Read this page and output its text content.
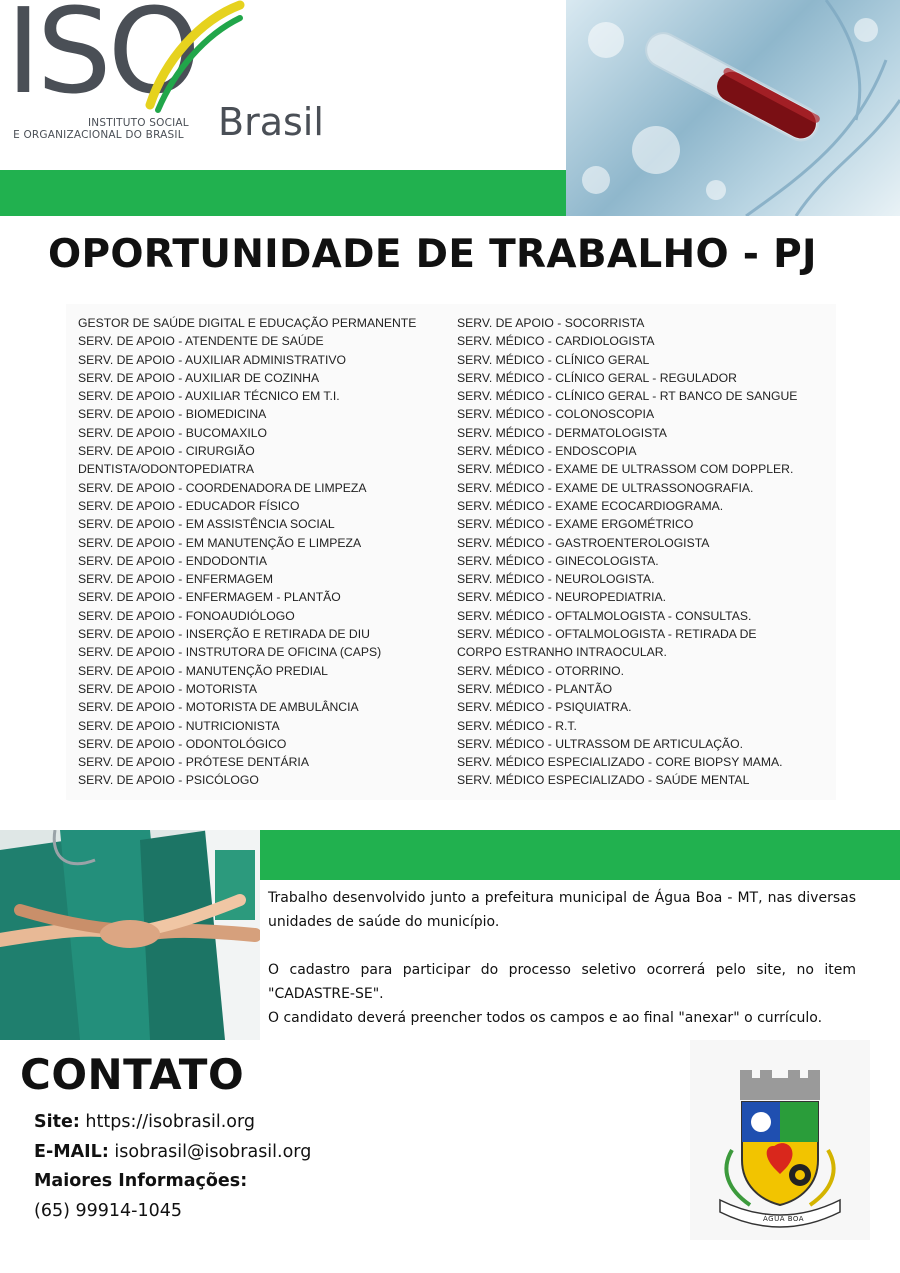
ISO
INSTITUTO SOCIAL
E ORGANIZACIONAL DO BRASIL Brasil
OPORTUNIDADE DE TRABALHO - PJ
GESTOR DE SAÚDE DIGITAL E EDUCAÇÃO PERMANENTE
SERV. DE APOIO - ATENDENTE DE SAÚDE
SERV. DE APOIO - AUXILIAR ADMINISTRATIVO
SERV. DE APOIO - AUXILIAR DE COZINHA
SERV. DE APOIO - AUXILIAR TÉCNICO EM T.I.
SERV. DE APOIO - BIOMEDICINA
SERV. DE APOIO - BUCOMAXILO
SERV. DE APOIO - CIRURGIÃO
DENTISTA/ODONTOPEDIATRA
SERV. DE APOIO - COORDENADORA DE LIMPEZA
SERV. DE APOIO - EDUCADOR FÍSICO
SERV. DE APOIO - EM ASSISTÊNCIA SOCIAL
SERV. DE APOIO - EM MANUTENÇÃO E LIMPEZA
SERV. DE APOIO - ENDODONTIA
SERV. DE APOIO - ENFERMAGEM
SERV. DE APOIO - ENFERMAGEM - PLANTÃO
SERV. DE APOIO - FONOAUDIÓLOGO
SERV. DE APOIO - INSERÇÃO E RETIRADA DE DIU
SERV. DE APOIO - INSTRUTORA DE OFICINA (CAPS)
SERV. DE APOIO - MANUTENÇÃO PREDIAL
SERV. DE APOIO - MOTORISTA
SERV. DE APOIO - MOTORISTA DE AMBULÂNCIA
SERV. DE APOIO - NUTRICIONISTA
SERV. DE APOIO - ODONTOLÓGICO
SERV. DE APOIO - PRÓTESE DENTÁRIA
SERV. DE APOIO - PSICÓLOGO
SERV. DE APOIO - SOCORRISTA
SERV. MÉDICO - CARDIOLOGISTA
SERV. MÉDICO - CLÍNICO GERAL
SERV. MÉDICO - CLÍNICO GERAL - REGULADOR
SERV. MÉDICO - CLÍNICO GERAL - RT BANCO DE SANGUE
SERV. MÉDICO - COLONOSCOPIA
SERV. MÉDICO - DERMATOLOGISTA
SERV. MÉDICO - ENDOSCOPIA
SERV. MÉDICO - EXAME DE ULTRASSOM COM DOPPLER.
SERV. MÉDICO - EXAME DE ULTRASSONOGRAFIA.
SERV. MÉDICO - EXAME ECOCARDIOGRAMA.
SERV. MÉDICO - EXAME ERGOMÉTRICO
SERV. MÉDICO - GASTROENTEROLOGISTA
SERV. MÉDICO - GINECOLOGISTA.
SERV. MÉDICO - NEUROLOGISTA.
SERV. MÉDICO - NEUROPEDIATRIA.
SERV. MÉDICO - OFTALMOLOGISTA - CONSULTAS.
SERV. MÉDICO - OFTALMOLOGISTA - RETIRADA DE
CORPO ESTRANHO INTRAOCULAR.
SERV. MÉDICO - OTORRINO.
SERV. MÉDICO - PLANTÃO
SERV. MÉDICO - PSIQUIATRA.
SERV. MÉDICO - R.T.
SERV. MÉDICO - ULTRASSOM DE ARTICULAÇÃO.
SERV. MÉDICO ESPECIALIZADO - CORE BIOPSY MAMA.
SERV. MÉDICO ESPECIALIZADO - SAÚDE MENTAL

Trabalho desenvolvido junto a prefeitura municipal de Água Boa - MT, nas diversas unidades de saúde do município.

O cadastro para participar do processo seletivo ocorrerá pelo site, no item "CADASTRE-SE".

O candidato deverá preencher todos os campos e ao final "anexar" o currículo.

CONTATO
Site: https://isobrasil.org
E-MAIL: isobrasil@isobrasil.org
Maiores Informações:
(65) 99914-1045	ÁGUA BOA
